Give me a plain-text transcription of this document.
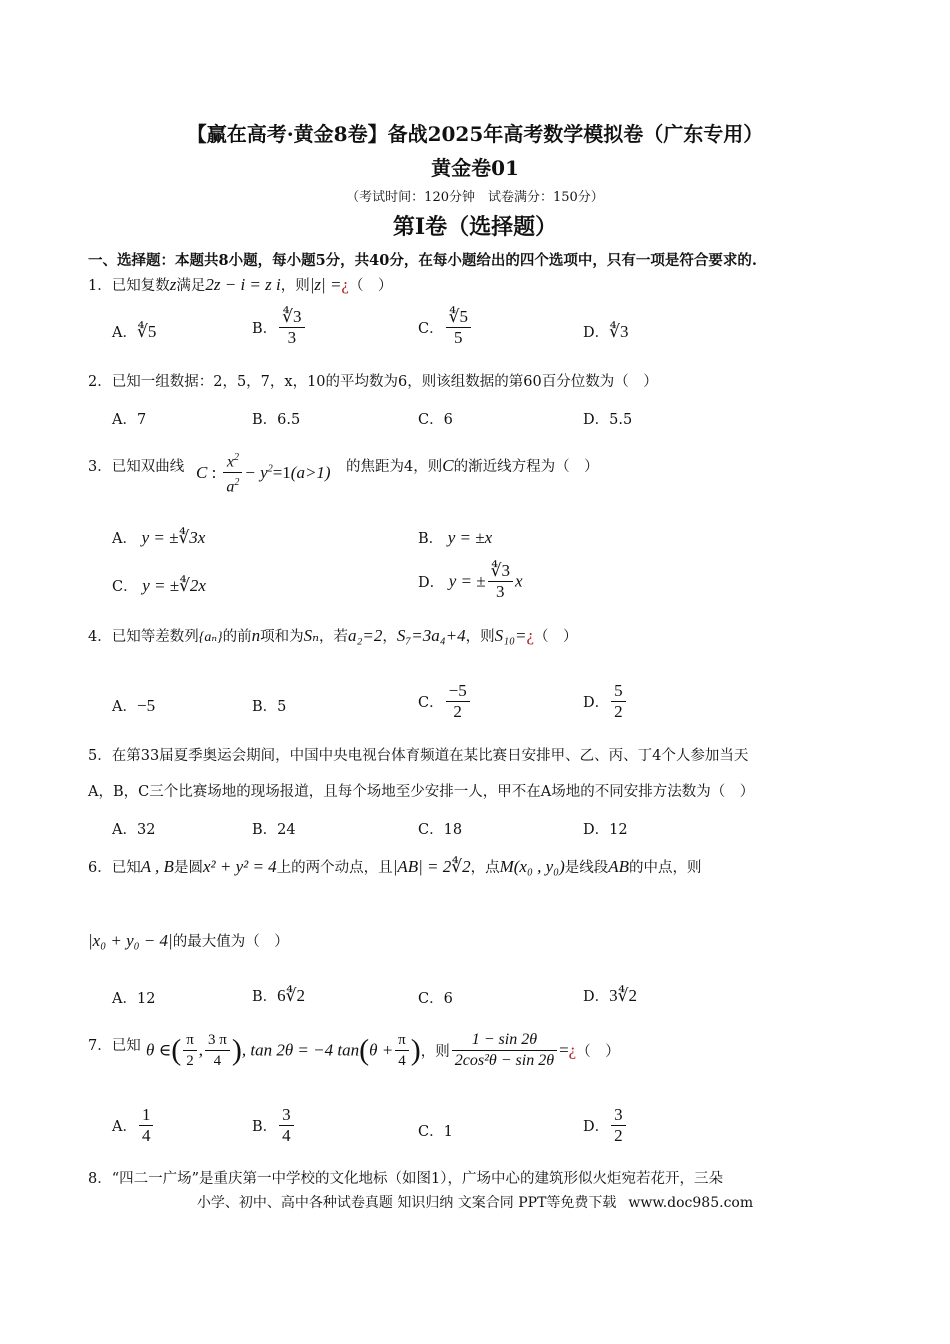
【赢在高考·黄金8卷】备战2025年高考数学模拟卷（广东专用）
黄金卷01
（考试时间：120分钟　试卷满分：150分）
第I卷（选择题）
一、选择题：本题共8小题，每小题5分，共40分，在每小题给出的四个选项中，只有一项是符合要求的.
1．已知复数z满足2z − i = z i，则|z| =¿（　）
A．∜5	B． $\frac{∜3}{3}$	C． $\frac{∜5}{5}$	D．∜3
2．已知一组数据：2，5，7，x，10的平均数为6，则该组数据的第60百分位数为（　）
A．7	B．6.5	C．6	D．5.5
3．已知双曲线 C : $\frac{x^2}{a^2} - y^2=1(a>1)$ 的焦距为4，则C的渐近线方程为（　）
A． y = ±∜3x	B． y = ±x
C． y = ±∜2x	D． y = ± $\frac{∜3}{3}$ x
4．已知等差数列{aₙ}的前n项和为Sₙ，若a₂=2，S₇=3a₄+4，则S₁₀=¿（　）
A．−5	B．5	C． $\frac{-5}{2}$	D． $\frac{5}{2}$
5．在第33届夏季奥运会期间，中国中央电视台体育频道在某比赛日安排甲、乙、丙、丁4个人参加当天
A，B，C三个比赛场地的现场报道，且每个场地至少安排一人，甲不在A场地的不同安排方法数为（　）
A．32	B．24	C．18	D．12
6．已知A , B是圆x² + y² = 4上的两个动点，且|AB| = 2∜2，点M(x₀ , y₀)是线段AB的中点，则
|x₀ + y₀ − 4|的最大值为（　）
A．12	B．6∜2	C．6	D．3∜2
7．已知 θ ∈( $\frac{\pi}{2}$ , $\frac{3 \pi}{4}$ ), tan 2θ = −4 $\tan(\theta + \frac{\pi}{4}$ )，则 $\frac{1 - \sin 2\theta}{\text{2cos²θ − sin 2θ}}$ =¿（　）
A． $\frac{1}{4}$	B． $\frac{3}{4}$	C．1	D． $\frac{3}{2}$
8．“四二一广场”是重庆第一中学校的文化地标（如图1），广场中心的建筑形似火炬宛若花开，三朵
小学、初中、高中各种试卷真题 知识归纳 文案合同 PPT等免费下载 www.doc985.com
